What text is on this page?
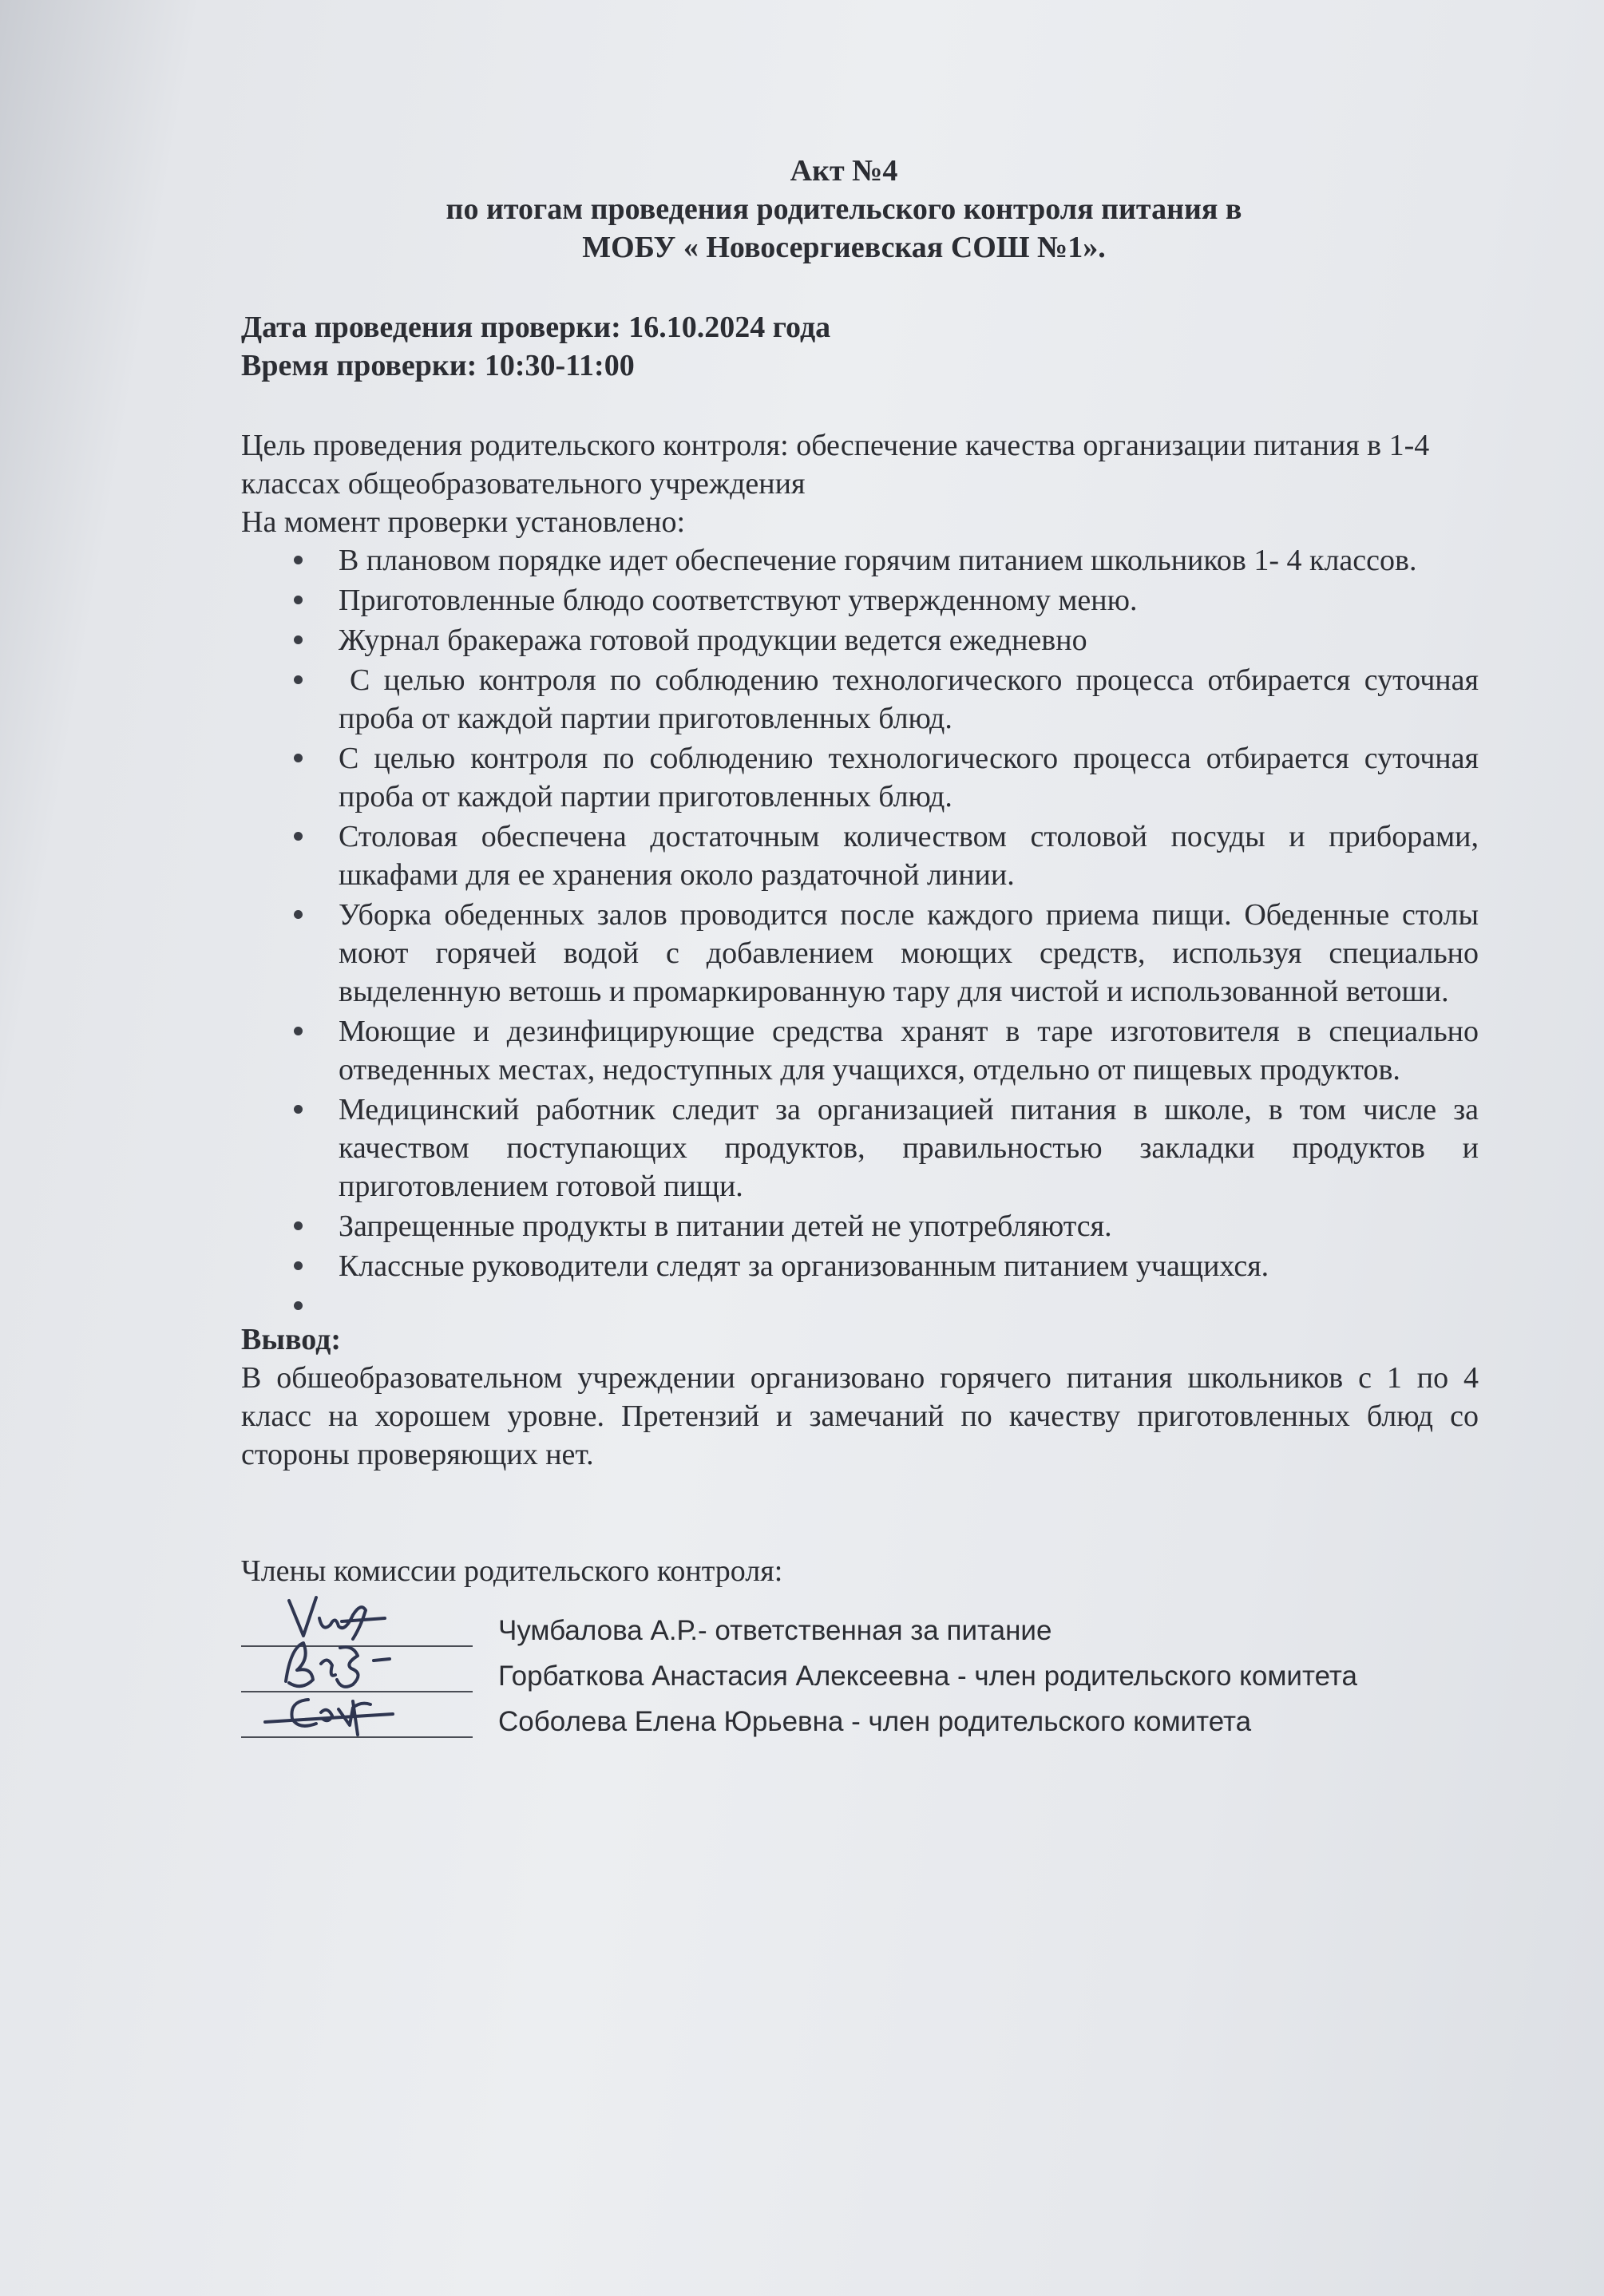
Акт №4
по итогам проведения родительского контроля питания в
МОБУ « Новосергиевская СОШ №1».
Дата проведения проверки: 16.10.2024 года
Время проверки: 10:30-11:00
Цель проведения родительского контроля: обеспечение качества организации питания в 1-4 классах общеобразовательного учреждения
На момент проверки установлено:
В плановом порядке идет обеспечение горячим питанием школьников 1- 4 классов.
Приготовленные блюдо соответствуют утвержденному меню.
Журнал бракеража готовой продукции ведется ежедневно
С целью контроля по соблюдению технологического процесса отбирается суточная проба от каждой партии приготовленных блюд.
С целью контроля по соблюдению технологического процесса отбирается суточная проба от каждой партии приготовленных блюд.
Столовая обеспечена достаточным количеством столовой посуды и приборами, шкафами для ее хранения около раздаточной линии.
Уборка обеденных залов проводится после каждого приема пищи. Обеденные столы моют горячей водой с добавлением моющих средств, используя специально выделенную ветошь и промаркированную тару для чистой и использованной ветоши.
Моющие и дезинфицирующие средства хранят в таре изготовителя в специально отведенных местах, недоступных для учащихся, отдельно от пищевых продуктов.
Медицинский работник следит за организацией питания в школе, в том числе за качеством поступающих продуктов, правильностью закладки продуктов и приготовлением готовой пищи.
Запрещенные продукты в питании детей не употребляются.
Классные руководители следят за организованным питанием учащихся.
Вывод:
В обшеобразовательном учреждении организовано горячего питания школьников с 1 по 4 класс на хорошем уровне. Претензий и замечаний по качеству приготовленных блюд со стороны проверяющих нет.
Члены комиссии родительского контроля:
Чумбалова А.Р.- ответственная за питание
Горбаткова Анастасия Алексеевна - член родительского комитета
Соболева Елена Юрьевна - член родительского комитета
